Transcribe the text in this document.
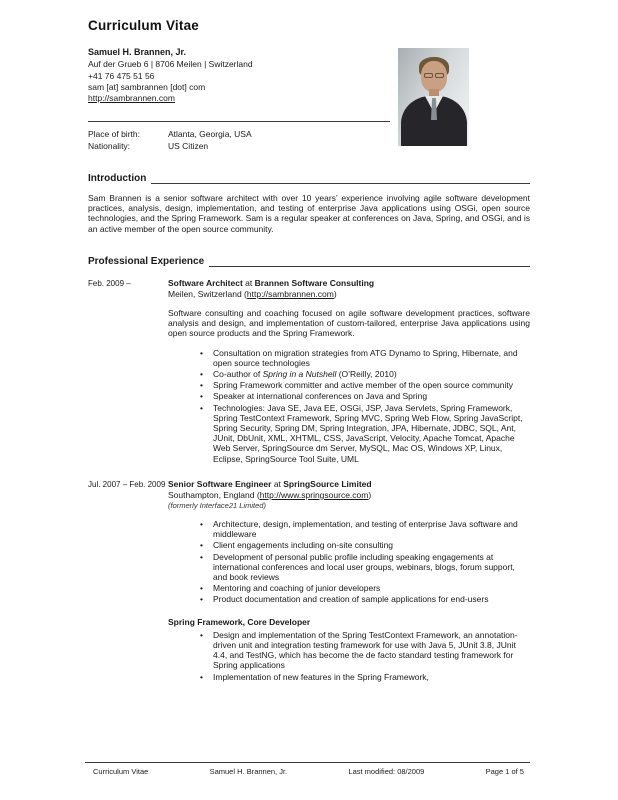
Curriculum Vitae
Samuel H. Brannen, Jr.
Auf der Grueb 6 | 8706 Meilen | Switzerland
+41 76 475 51 56
sam [at] sambrannen [dot] com
http://sambrannen.com
Place of birth:	Atlanta, Georgia, USA
Nationality:	US Citizen
Introduction

Sam Brannen is a senior software architect with over 10 years’ experience involving agile software development practices, analysis, design, implementation, and testing of enterprise Java applications using OSGi, open source technologies, and the Spring Framework. Sam is a regular speaker at conferences on Java, Spring, and OSGi, and is an active member of the open source community.

Professional Experience
Feb. 2009 –	Software Architect at Brannen Software Consulting
Meilen, Switzerland (http://sambrannen.com)

Software consulting and coaching focused on agile software development practices, software analysis and design, and implementation of custom-tailored, enterprise Java applications using open source products and the Spring Framework.

• Consultation on migration strategies from ATG Dynamo to Spring, Hibernate, and open source technologies
• Co-author of Spring in a Nutshell (O’Reilly, 2010)
• Spring Framework committer and active member of the open source community
• Speaker at international conferences on Java and Spring
• Technologies: Java SE, Java EE, OSGi, JSP, Java Servlets, Spring Framework, Spring TestContext Framework, Spring MVC, Spring Web Flow, Spring JavaScript, Spring Security, Spring DM, Spring Integration, JPA, Hibernate, JDBC, SQL, Ant, JUnit, DbUnit, XML, XHTML, CSS, JavaScript, Velocity, Apache Tomcat, Apache Web Server, SpringSource dm Server, MySQL, Mac OS, Windows XP, Linux, Eclipse, SpringSource Tool Suite, UML
Jul. 2007 – Feb. 2009 Senior Software Engineer at SpringSource Limited
Southampton, England (http://www.springsource.com)
(formerly Interface21 Limited)
• Architecture, design, implementation, and testing of enterprise Java software and middleware
• Client engagements including on-site consulting
• Development of personal public profile including speaking engagements at international conferences and local user groups, webinars, blogs, forum support, and book reviews
• Mentoring and coaching of junior developers
• Product documentation and creation of sample applications for end-users
Spring Framework, Core Developer
• Design and implementation of the Spring TestContext Framework, an annotation-driven unit and integration testing framework for use with Java 5, JUnit 3.8, JUnit 4.4, and TestNG, which has become the de facto standard testing framework for Spring applications
• Implementation of new features in the Spring Framework,
Curriculum Vitae	Samuel H. Brannen, Jr.	Last modified: 08/2009	Page 1 of 5
